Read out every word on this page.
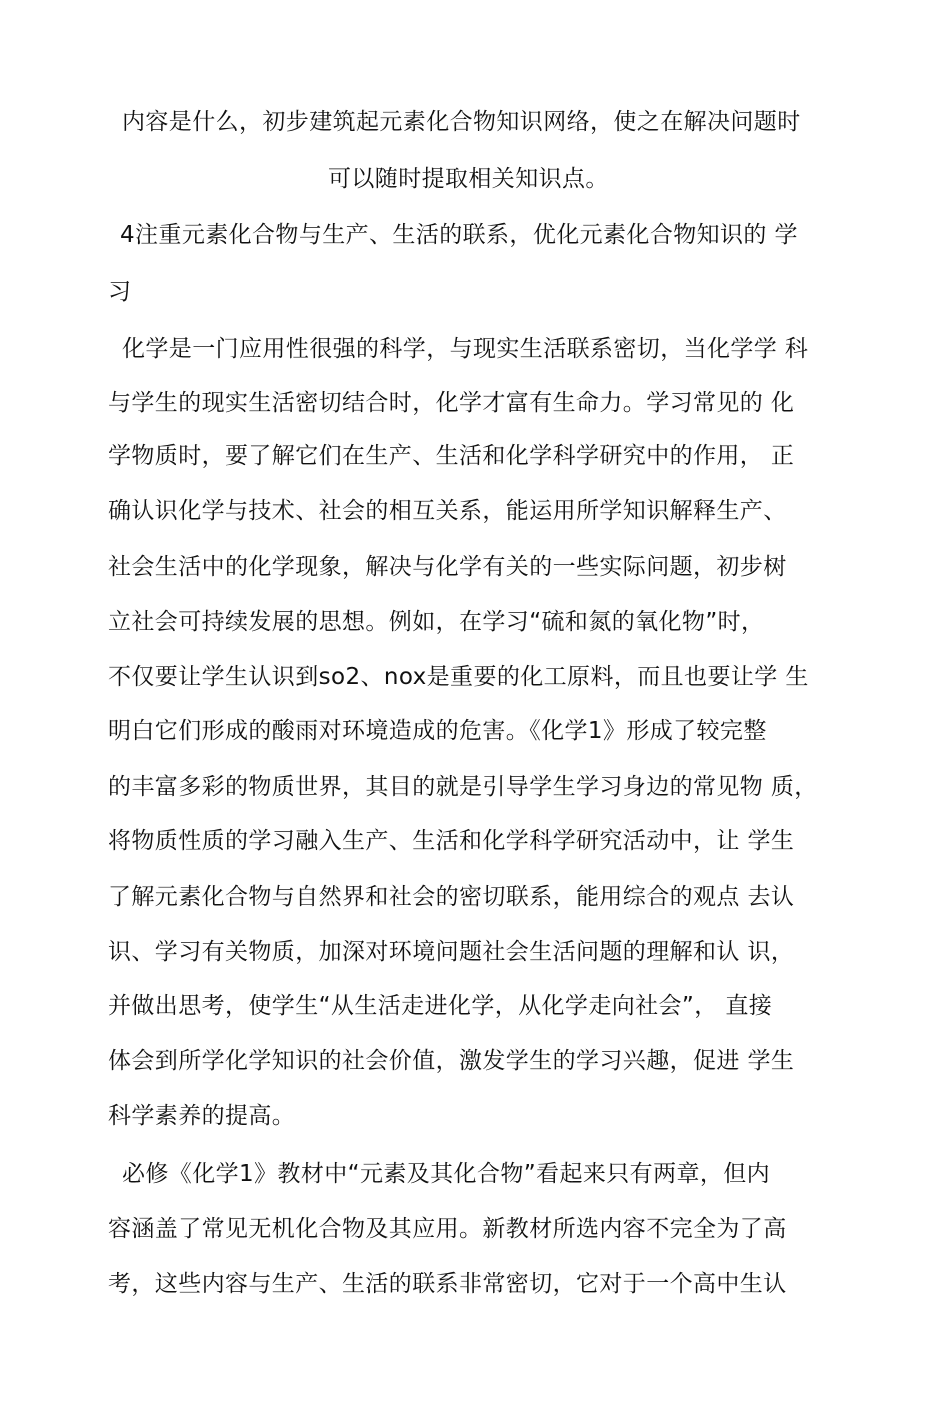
内容是什么，初步建筑起元素化合物知识网络，使之在解决问题时
可以随时提取相关知识点。
4注重元素化合物与生产、生活的联系，优化元素化合物知识的 学
习
化学是一门应用性很强的科学，与现实生活联系密切，当化学学 科
与学生的现实生活密切结合时，化学才富有生命力。学习常见的 化
学物质时，要了解它们在生产、生活和化学科学研究中的作用， 正
确认识化学与技术、社会的相互关系，能运用所学知识解释生产、
社会生活中的化学现象，解决与化学有关的一些实际问题，初步树
立社会可持续发展的思想。例如，在学习“硫和氮的氧化物”时，
不仅要让学生认识到so2、nox是重要的化工原料，而且也要让学 生
明白它们形成的酸雨对环境造成的危害。《化学1》形成了较完整
的丰富多彩的物质世界，其目的就是引导学生学习身边的常见物 质，
将物质性质的学习融入生产、生活和化学科学研究活动中，让 学生
了解元素化合物与自然界和社会的密切联系，能用综合的观点 去认
识、学习有关物质，加深对环境问题社会生活问题的理解和认 识，
并做出思考，使学生“从生活走进化学，从化学走向社会”， 直接
体会到所学化学知识的社会价值，激发学生的学习兴趣，促进 学生
科学素养的提高。
必修《化学1》教材中“元素及其化合物”看起来只有两章，但内
容涵盖了常见无机化合物及其应用。新教材所选内容不完全为了高
考，这些内容与生产、生活的联系非常密切，它对于一个高中生认
